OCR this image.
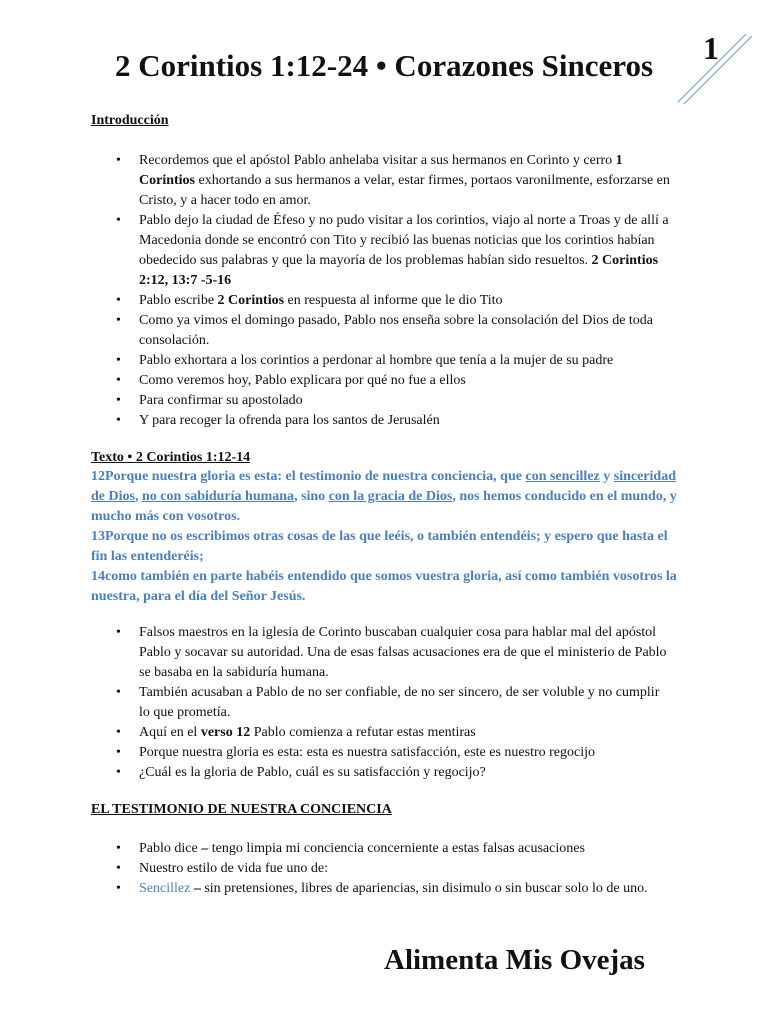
1
2 Corintios 1:12-24 • Corazones Sinceros
Introducción
• Recordemos que el apóstol Pablo anhelaba visitar a sus hermanos en Corinto y cerro 1 Corintios exhortando a sus hermanos a velar, estar firmes, portaos varonilmente, esforzarse en Cristo, y a hacer todo en amor.
• Pablo dejo la ciudad de Éfeso y no pudo visitar a los corintios, viajo al norte a Troas y de allí a Macedonia donde se encontró con Tito y recibió las buenas noticias que los corintios habían obedecido sus palabras y que la mayoría de los problemas habían sido resueltos. 2 Corintios 2:12, 13:7 -5-16
• Pablo escribe 2 Corintios en respuesta al informe que le dio Tito
• Como ya vimos el domingo pasado, Pablo nos enseña sobre la consolación del Dios de toda consolación.
• Pablo exhortara a los corintios a perdonar al hombre que tenía a la mujer de su padre
• Como veremos hoy, Pablo explicara por qué no fue a ellos
• Para confirmar su apostolado
• Y para recoger la ofrenda para los santos de Jerusalén
Texto • 2 Corintios 1:12-14

12Porque nuestra gloria es esta: el testimonio de nuestra conciencia, que con sencillez y sinceridad de Dios, no con sabiduría humana, sino con la gracia de Dios, nos hemos conducido en el mundo, y mucho más con vosotros.

13Porque no os escribimos otras cosas de las que leéis, o también entendéis; y espero que hasta el fin las entenderéis;

14como también en parte habéis entendido que somos vuestra gloria, así como también vosotros la nuestra, para el día del Señor Jesús.

• Falsos maestros en la iglesia de Corinto buscaban cualquier cosa para hablar mal del apóstol Pablo y socavar su autoridad. Una de esas falsas acusaciones era de que el ministerio de Pablo se basaba en la sabiduría humana.
• También acusaban a Pablo de no ser confiable, de no ser sincero, de ser voluble y no cumplir lo que prometía.
• Aquí en el verso 12 Pablo comienza a refutar estas mentiras
• Porque nuestra gloria es esta: esta es nuestra satisfacción, este es nuestro regocijo
• ¿Cuál es la gloria de Pablo, cuál es su satisfacción y regocijo?
EL TESTIMONIO DE NUESTRA CONCIENCIA
• Pablo dice – tengo limpia mi conciencia concerniente a estas falsas acusaciones
• Nuestro estilo de vida fue uno de:
• Sencillez – sin pretensiones, libres de apariencias, sin disimulo o sin buscar solo lo de uno.
Alimenta Mis Ovejas
